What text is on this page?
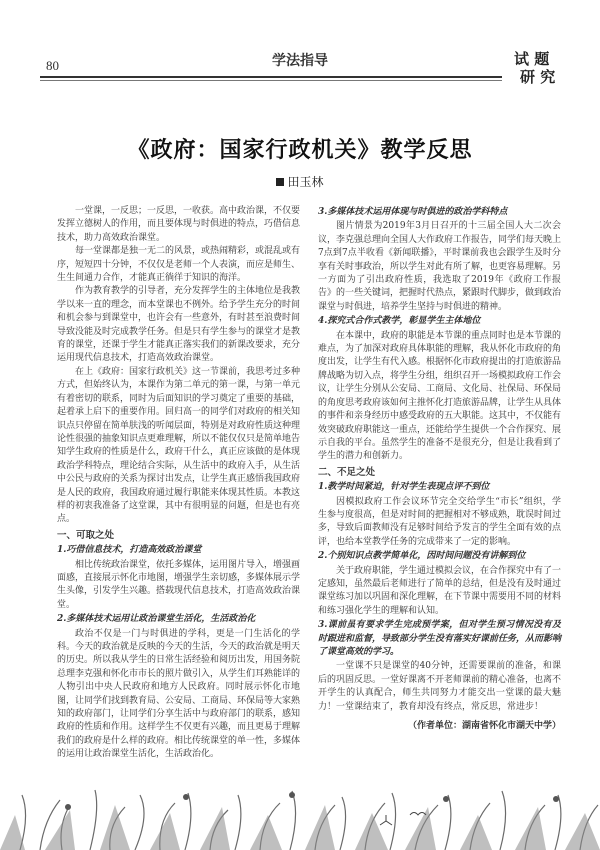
80	学法指导	试 题
研 究
《政府：国家行政机关》教学反思
田玉林

一堂课，一反思；一反思，一收获。高中政治课，不仅要发挥立德树人的作用，而且要体现与时俱进的特点，巧借信息技术，助力高效政治课堂。

每一堂课都是独一无二的风景，或热闹精彩，或混乱或有序，短短四十分钟，不仅仅是老师一个人表演，而应是师生、生生间通力合作，才能真正徜徉于知识的海洋。

作为教育教学的引导者，充分发挥学生的主体地位是我教学以来一直的理念，而本堂课也不例外。给予学生充分的时间和机会参与到课堂中，也许会有一些意外，有时甚至浪费时间导致没能及时完成教学任务。但是只有学生参与的课堂才是教育的课堂，还课于学生才能真正落实我们的新课改要求，充分运用现代信息技术，打造高效政治课堂。

在上《政府：国家行政机关》这一节课前，我思考过多种方式，但始终认为，本课作为第二单元的第一课，与第一单元有着密切的联系，同时为后面知识的学习奠定了重要的基础，起着承上启下的重要作用。回归高一的同学们对政府的相关知识点只停留在简单肤浅的听闻层面，特别是对政府性质这种理论性很强的抽象知识点更难理解，所以不能仅仅只是简单地告知学生政府的性质是什么，政府干什么，真正应该做的是体现政治学科特点，理论结合实际，从生活中的政府入手，从生活中公民与政府的关系为探讨出发点，让学生真正感悟我国政府是人民的政府，我国政府通过履行职能来体现其性质。本教这样的初衷我准备了这堂课，其中有很明显的问题，但是也有亮点。

一、可取之处

1.巧借信息技术，打造高效政治课堂

相比传统政治课堂，依托多媒体，运用图片导入，增强画面感，直接展示怀化市地图，增强学生亲切感，多媒体展示学生头像，引发学生兴趣。搭载现代信息技术，打造高效政治课堂。

2.多媒体技术运用让政治课堂生活化，生活政治化

政治不仅是一门与时俱进的学科，更是一门生活化的学科。今天的政治就是反映的今天的生活，今天的政治就是明天的历史。所以我从学生的日常生活经验和阅历出发，用国务院总理李克强和怀化市市长的照片做引入，从学生们耳熟能详的人物引出中央人民政府和地方人民政府。同时展示怀化市地图，让同学们找到教育局、公安局、工商局、环保局等大家熟知的政府部门，让同学们分享生活中与政府部门的联系，感知政府的性质和作用。这样学生不仅更有兴趣，而且更易于理解我们的政府是什么样的政府。相比传统课堂的单一性，多媒体的运用让政治课堂生活化，生活政治化。

3.多媒体技术运用体现与时俱进的政治学科特点

图片情景为2019年3月日召开的十三届全国人大二次会议，李克强总理向全国人大作政府工作报告，同学们每天晚上7点到7点半收看《新闻联播》，平时课前我也会跟学生及时分享有关时事政治，所以学生对此有所了解，也更容易理解。另一方面为了引出政府性质，我选取了2019年《政府工作报告》的一些关键词，把握时代热点，紧跟时代脚步，做到政治课堂与时俱进，培养学生坚持与时俱进的精神。

4.探究式合作式教学，彰显学生主体地位

在本课中，政府的职能是本节课的重点同时也是本节课的难点，为了加深对政府具体职能的理解，我从怀化市政府的角度出发，让学生有代入感。根据怀化市政府提出的打造旅游品牌战略为切入点，将学生分组，组织召开一场模拟政府工作会议，让学生分别从公安局、工商局、文化局、社保局、环保局的角度思考政府该如何主推怀化打造旅游品牌，让学生从具体的事件和亲身经历中感受政府的五大职能。这其中，不仅能有效突破政府职能这一重点，还能给学生提供一个合作探究、展示自我的平台。虽然学生的准备不是很充分，但是让我看到了学生的潜力和创新力。

二、不足之处

1.教学时间紧迫，针对学生表现点评不到位

因模拟政府工作会议环节完全交给学生“市长”组织，学生参与度很高，但是对时间的把握相对不够成熟，耽误时间过多，导致后面教师没有足够时间给予发言的学生全面有效的点评，也给本堂教学任务的完成带来了一定的影响。

2.个别知识点教学简单化，因时间问题没有讲解到位

关于政府职能，学生通过模拟会议，在合作探究中有了一定感知，虽然最后老师进行了简单的总结，但是没有及时通过课堂练习加以巩固和深化理解，在下节课中需要用不同的材料和练习强化学生的理解和认知。

3.课前虽有要求学生完成预学案，但对学生预习情况没有及时跟进和监督，导致部分学生没有落实好课前任务，从而影响了课堂高效的学习。

一堂课不只是课堂的40分钟，还需要课前的准备，和课后的巩固反思。一堂好课离不开老师课前的精心准备，也离不开学生的认真配合，师生共同努力才能交出一堂课的最大魅力！一堂课结束了，教育却没有终点，常反思，常进步！

（作者单位：湖南省怀化市湖天中学）
